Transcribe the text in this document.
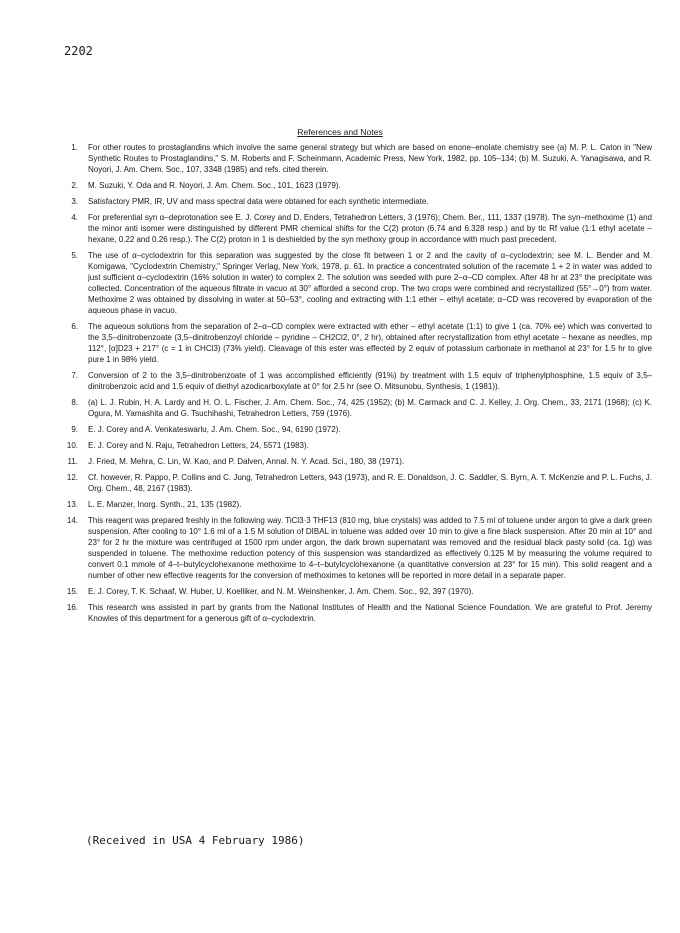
2202
References and Notes
1. For other routes to prostaglandins which involve the same general strategy but which are based on enone–enolate chemistry see (a) M. P. L. Caton in "New Synthetic Routes to Prostaglandins," S. M. Roberts and F. Scheinmann, Academic Press, New York, 1982, pp. 105–134; (b) M. Suzuki, A. Yanagisawa, and R. Noyori, J. Am. Chem. Soc., 107, 3348 (1985) and refs. cited therein.
2. M. Suzuki, Y. Oda and R. Noyori, J. Am. Chem. Soc., 101, 1623 (1979).
3. Satisfactory PMR, IR, UV and mass spectral data were obtained for each synthetic intermediate.
4. For preferential syn α–deprotonation see E. J. Corey and D. Enders, Tetrahedron Letters, 3 (1976); Chem. Ber., 111, 1337 (1978). The syn–methoxime (1) and the minor anti isomer were distinguished by different PMR chemical shifts for the C(2) proton (6.74 and 6.328 resp.) and by tlc Rf value (1:1 ethyl acetate – hexane, 0.22 and 0.26 resp.). The C(2) proton in 1 is deshielded by the syn methoxy group in accordance with much past precedent.
5. The use of α–cyclodextrin for this separation was suggested by the close fit between 1 or 2 and the cavity of α–cyclodextrin; see M. L. Bender and M. Komigawa, "Cyclodextrin Chemistry," Springer Verlag, New York, 1978, p. 61. In practice a concentrated solution of the racemate 1 + 2 in water was added to just sufficient α–cyclodextrin (16% solution in water) to complex 2. The solution was seeded with pure 2–α–CD complex. After 48 hr at 23° the precipitate was collected. Concentration of the aqueous filtrate in vacuo at 30° afforded a second crop. The two crops were combined and recrystallized (55°→0°) from water. Methoxime 2 was obtained by dissolving in water at 50–53°, cooling and extracting with 1:1 ether – ethyl acetate; α–CD was recovered by evaporation of the aqueous phase in vacuo.
6. The aqueous solutions from the separation of 2–α–CD complex were extracted with ether – ethyl acetate (1:1) to give 1 (ca. 70% ee) which was converted to the 3,5–dinitrobenzoate (3,5–dinitrobenzoyl chloride – pyridine – CH2Cl2, 0°, 2 hr), obtained after recrystallization from ethyl acetate – hexane as needles, mp 112°, [α]D23 + 217° (c = 1 in CHCl3) (73% yield). Cleavage of this ester was effected by 2 equiv of potassium carbonate in methanol at 23° for 1.5 hr to give pure 1 in 98% yield.
7. Conversion of 2 to the 3,5–dinitrobenzoate of 1 was accomplished efficiently (91%) by treatment with 1.5 equiv of triphenylphosphine, 1.5 equiv of 3,5–dinitrobenzoic acid and 1.5 equiv of diethyl azodicarboxylate at 0° for 2.5 hr (see O. Mitsunobu, Synthesis, 1 (1981)).
8. (a) L. J. Rubin, H. A. Lardy and H. O. L. Fischer, J. Am. Chem. Soc., 74, 425 (1952); (b) M. Carmack and C. J. Kelley, J. Org. Chem., 33, 2171 (1968); (c) K. Ogura, M. Yamashita and G. Tsuchihashi, Tetrahedron Letters, 759 (1976).
9. E. J. Corey and A. Venkateswarlu, J. Am. Chem. Soc., 94, 6190 (1972).
10. E. J. Corey and N. Raju, Tetrahedron Letters, 24, 5571 (1983).
11. J. Fried, M. Mehra, C. Lin, W. Kao, and P. Dalven, Annal. N. Y. Acad. Sci., 180, 38 (1971).
12. Cf. however, R. Pappo, P. Collins and C. Jung, Tetrahedron Letters, 943 (1973), and R. E. Donaldson, J. C. Saddler, S. Byrn, A. T. McKenzie and P. L. Fuchs, J. Org. Chem., 48, 2167 (1983).
13. L. E. Manzer, Inorg. Synth., 21, 135 (1982).
14. This reagent was prepared freshly in the following way. TiCl3·3 THF13 (810 mg, blue crystals) was added to 7.5 ml of toluene under argon to give a dark green suspension. After cooling to 10° 1.6 ml of a 1.5 M solution of DIBAL in toluene was added over 10 min to give a fine black suspension. After 20 min at 10° and 23° for 2 hr the mixture was centrifuged at 1500 rpm under argon, the dark brown supernatant was removed and the residual black pasty solid (ca. 1g) was suspended in toluene. The methoxime reduction potency of this suspension was standardized as effectively 0.125 M by measuring the volume required to convert 0.1 mmole of 4–t–butylcyclohexanone methoxime to 4–t–butylcyclohexanone (a quantitative conversion at 23° for 15 min). This solid reagent and a number of other new effective reagents for the conversion of methoximes to ketones will be reported in more detail in a separate paper.
15. E. J. Corey, T. K. Schaaf, W. Huber, U. Koelliker, and N. M. Weinshenker, J. Am. Chem. Soc., 92, 397 (1970).
16. This research was assisted in part by grants from the National Institutes of Health and the National Science Foundation. We are grateful to Prof. Jeremy Knowles of this department for a generous gift of α–cyclodextrin.
(Received in USA 4 February 1986)
